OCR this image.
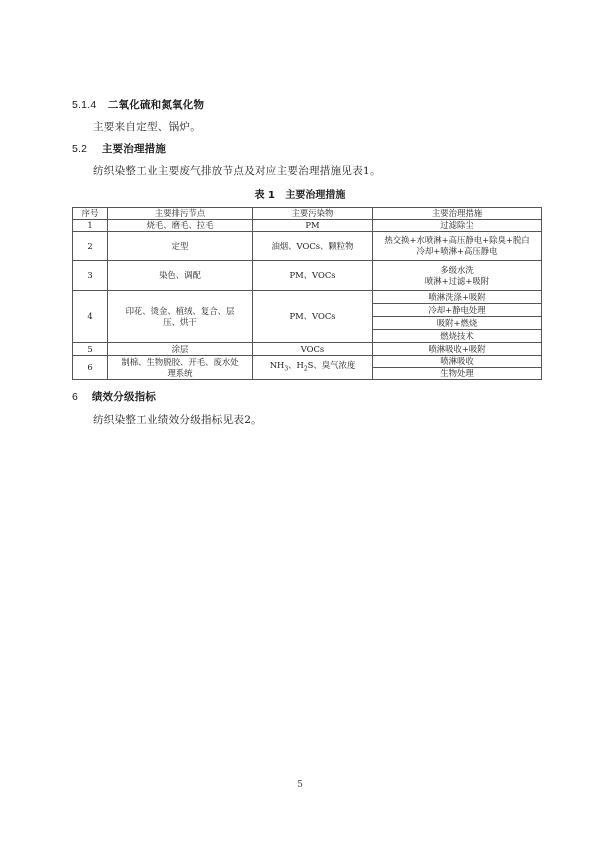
5.1.4 二氧化硫和氮氧化物
主要来自定型、锅炉。
5.2 主要治理措施
纺织染整工业主要废气排放节点及对应主要治理措施见表1。
表 1   主要治理措施
序号	主要排污节点	主要污染物	主要治理措施
1	烧毛、磨毛、拉毛	PM	过滤除尘
2	定型	油烟、VOCs、颗粒物	热交换+水喷淋+高压静电+除臭+脱白
冷却+喷淋+高压静电

3	染色、调配	PM、VOCs	多级水洗
喷淋+过滤+吸附

4	印花、烫金、植绒、复合、层压、烘干	PM、VOCs	喷淋洗涤+吸附
			冷却+静电处理
			吸附+燃烧
			燃烧技术
5	涂层	VOCs	喷淋吸收+吸附
6	制棉、生物脱胶、开毛、废水处理系统	$NH_3$、$H_2S$、臭气浓度	喷淋吸收
			生物处理
6 绩效分级指标
纺织染整工业绩效分级指标见表2。
5
